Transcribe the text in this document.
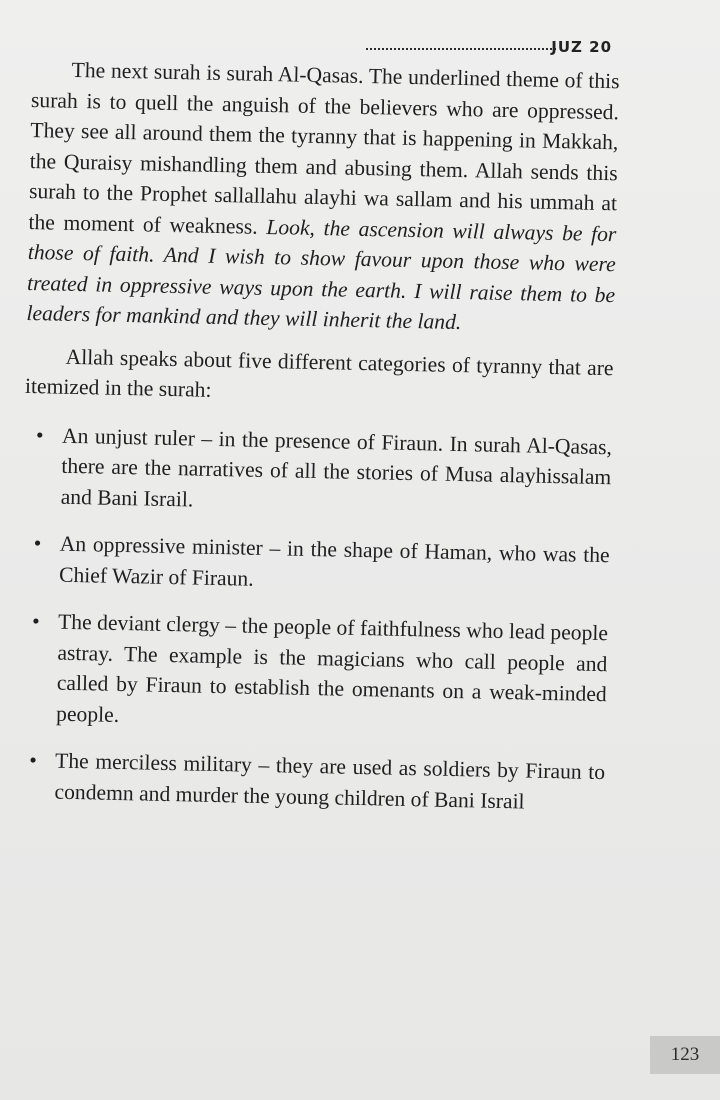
JUZ 20

The next surah is surah Al-Qasas. The underlined theme of this surah is to quell the anguish of the believers who are oppressed. They see all around them the tyranny that is happening in Makkah, the Quraisy mishandling them and abusing them. Allah sends this surah to the Prophet sallallahu alayhi wa sallam and his ummah at the moment of weakness. Look, the ascension will always be for those of faith. And I wish to show favour upon those who were treated in oppressive ways upon the earth. I will raise them to be leaders for mankind and they will inherit the land.

Allah speaks about five different categories of tyranny that are itemized in the surah:

• An unjust ruler – in the presence of Firaun. In surah Al-Qasas, there are the narratives of all the stories of Musa alayhissalam and Bani Israil.
• An oppressive minister – in the shape of Haman, who was the Chief Wazir of Firaun.
• The deviant clergy – the people of faithfulness who lead people astray. The example is the magicians who call people and called by Firaun to establish the omenants on a weak-minded people.
• The merciless military – they are used as soldiers by Firaun to condemn and murder the young children of Bani Israil
123
